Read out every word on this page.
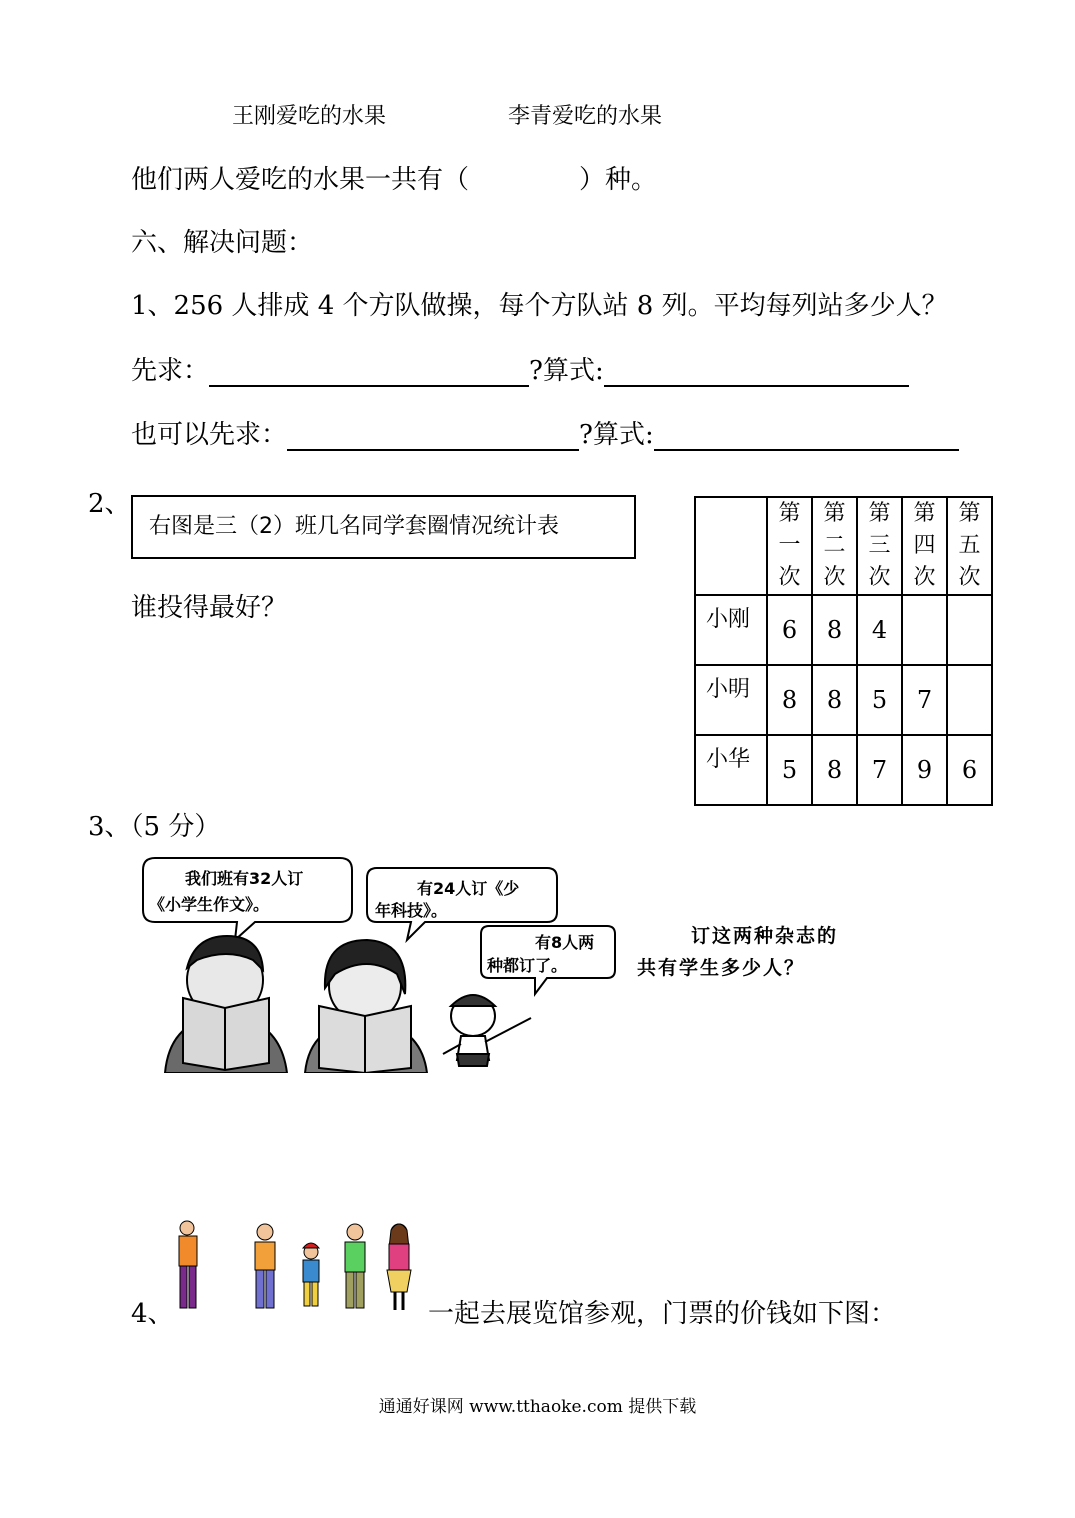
王刚爱吃的水果	李青爱吃的水果
他们两人爱吃的水果一共有（	）种。
六、解决问题：
1、256 人排成 4 个方队做操，每个方队站 8 列。平均每列站多少人？
先求：	?算式:
也可以先求：	?算式:
2、
右图是三（2）班几名同学套圈情况统计表
谁投得最好？

	第一次	第二次	第三次	第四次	第五次

小刚	6	8	4		
小明	8	8	5	7	
小华	5	8	7	9	6
3、（5 分）
我们班有32人订
《小学生作文》。
有24人订《少
年科技》。
有8人两
种都订了。
订这两种杂志的
共有学生多少人？
4、	一起去展览馆参观，门票的价钱如下图：
通通好课网 www.tthaoke.com 提供下载
